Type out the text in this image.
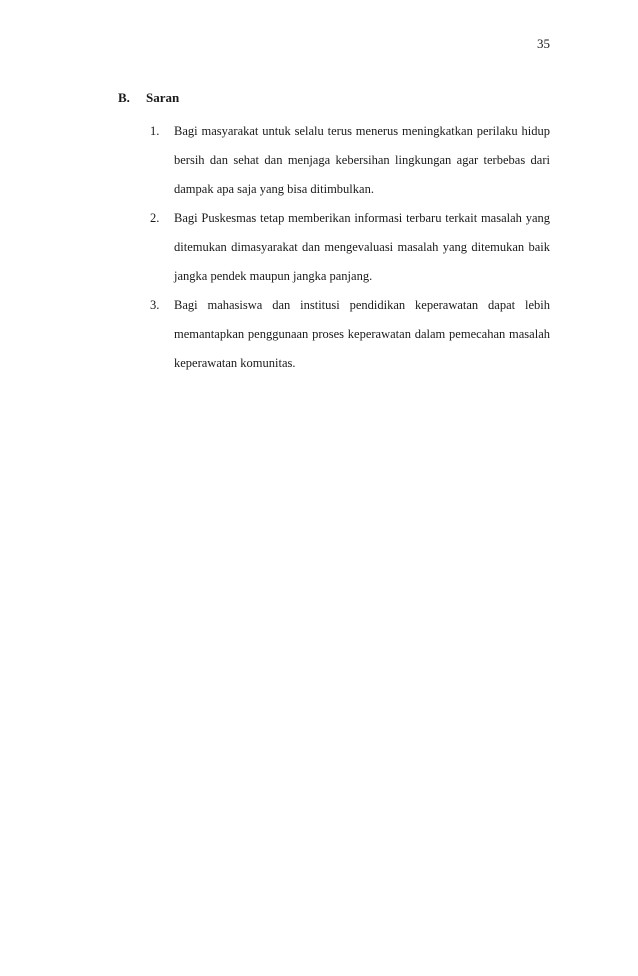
35
B. Saran
1. Bagi masyarakat untuk selalu terus menerus meningkatkan perilaku hidup bersih dan sehat dan menjaga kebersihan lingkungan agar terbebas dari dampak apa saja yang bisa ditimbulkan.
2. Bagi Puskesmas tetap memberikan informasi terbaru terkait masalah yang ditemukan dimasyarakat dan mengevaluasi masalah yang ditemukan baik jangka pendek maupun jangka panjang.
3. Bagi mahasiswa dan institusi pendidikan keperawatan dapat lebih memantapkan penggunaan proses keperawatan dalam pemecahan masalah keperawatan komunitas.
